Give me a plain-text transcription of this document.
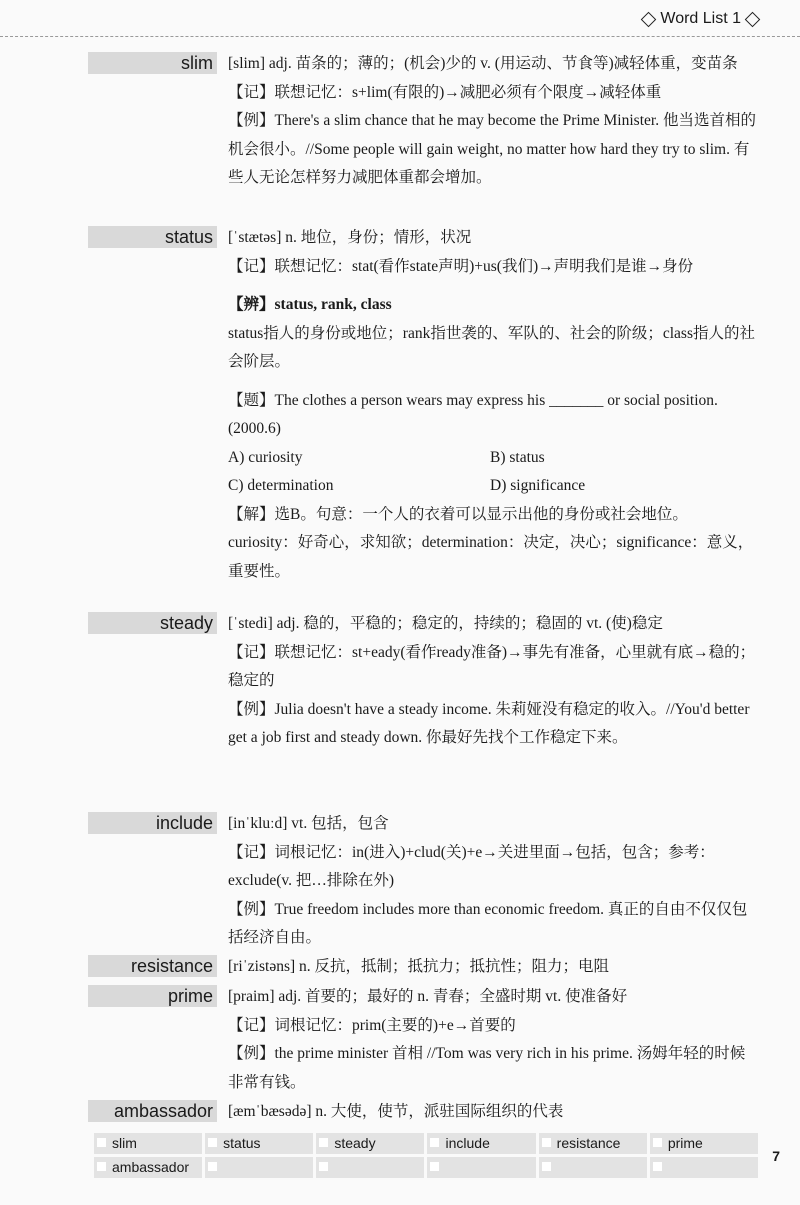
Word List 1
slim [slim] adj. 苗条的；薄的；(机会)少的 v. (用运动、节食等)减轻体重，变苗条

【记】联想记忆：s+lim(有限的)→减肥必须有个限度→减轻体重

【例】There's a slim chance that he may become the Prime Minister. 他当选首相的机会很小。//Some people will gain weight, no matter how hard they try to slim. 有些人无论怎样努力减肥体重都会增加。

status [ˈstætəs] n. 地位，身份；情形，状况

【记】联想记忆：stat(看作state声明)+us(我们)→声明我们是谁→身份

【辨】status, rank, class

status指人的身份或地位；rank指世袭的、军队的、社会的阶级；class指人的社会阶层。

【题】The clothes a person wears may express his _______ or social position. (2000.6)

A) curiosity	B) status
C) determination	D) significance

【解】选B。句意：一个人的衣着可以显示出他的身份或社会地位。curiosity：好奇心，求知欲；determination：决定，决心；significance：意义，重要性。

steady [ˈstedi] adj. 稳的，平稳的；稳定的，持续的；稳固的 vt. (使)稳定

【记】联想记忆：st+eady(看作ready准备)→事先有准备，心里就有底→稳的；稳定的

【例】Julia doesn't have a steady income. 朱莉娅没有稳定的收入。//You'd better get a job first and steady down. 你最好先找个工作稳定下来。

include [inˈkluːd] vt. 包括，包含

【记】词根记忆：in(进入)+clud(关)+e→关进里面→包括，包含；参考：exclude(v. 把…排除在外)

【例】True freedom includes more than economic freedom. 真正的自由不仅仅包括经济自由。

resistance [riˈzistəns] n. 反抗，抵制；抵抗力；抵抗性；阻力；电阻

prime [praim] adj. 首要的；最好的 n. 青春；全盛时期 vt. 使准备好

【记】词根记忆：prim(主要的)+e→首要的

【例】the prime minister 首相 //Tom was very rich in his prime. 汤姆年轻的时候非常有钱。

ambassador [æmˈbæsədə] n. 大使，使节，派驻国际组织的代表

slim	status	steady	include	resistance	prime
ambassador
7
